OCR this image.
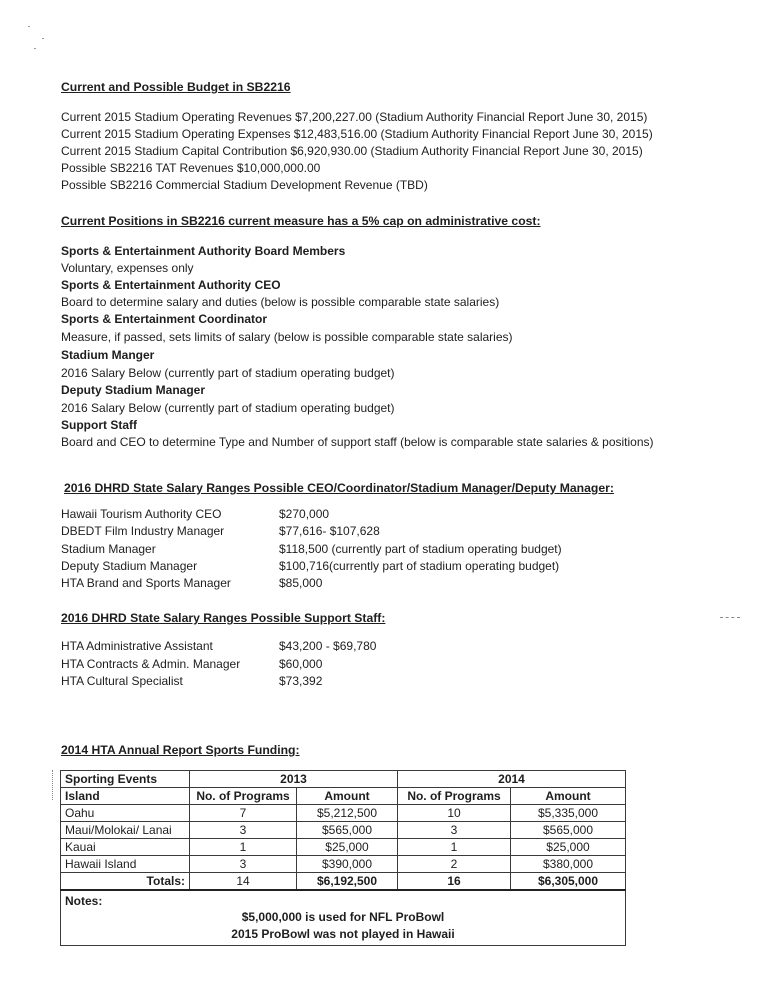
Current and Possible Budget in SB2216
Current 2015 Stadium Operating Revenues $7,200,227.00 (Stadium Authority Financial Report June 30, 2015)
Current 2015 Stadium Operating Expenses $12,483,516.00 (Stadium Authority Financial Report June 30, 2015)
Current 2015 Stadium Capital Contribution $6,920,930.00 (Stadium Authority Financial Report June 30, 2015)
Possible SB2216 TAT Revenues $10,000,000.00
Possible SB2216 Commercial Stadium Development Revenue (TBD)
Current Positions in SB2216 current measure has a 5% cap on administrative cost:
Sports & Entertainment Authority Board Members
Voluntary, expenses only
Sports & Entertainment Authority CEO
Board to determine salary and duties (below is possible comparable state salaries)
Sports & Entertainment Coordinator
Measure, if passed, sets limits of salary (below is possible comparable state salaries)
Stadium Manger
2016 Salary Below (currently part of stadium operating budget)
Deputy Stadium Manager
2016 Salary Below (currently part of stadium operating budget)
Support Staff
Board and CEO to determine Type and Number of support staff (below is comparable state salaries & positions)
2016 DHRD State Salary Ranges Possible CEO/Coordinator/Stadium Manager/Deputy Manager:
Hawaii Tourism Authority CEO	$270,000
DBEDT Film Industry Manager	$77,616- $107,628
Stadium Manager	$118,500 (currently part of stadium operating budget)
Deputy Stadium Manager	$100,716(currently part of stadium operating budget)
HTA Brand and Sports Manager	$85,000
2016 DHRD State Salary Ranges Possible Support Staff:
HTA Administrative Assistant	$43,200 - $69,780
HTA Contracts & Admin. Manager	$60,000
HTA Cultural Specialist	$73,392
2014 HTA Annual Report Sports Funding:
Sporting Events	2013		2014	
Island	No. of Programs	Amount	No. of Programs	Amount
Oahu	7	$5,212,500	10	$5,335,000
Maui/Molokai/ Lanai	3	$565,000	3	$565,000
Kauai	1	$25,000	1	$25,000
Hawaii Island	3	$390,000	2	$380,000
Totals:	14	$6,192,500	16	$6,305,000

Notes:
$5,000,000 is used for NFL ProBowl
2015 ProBowl was not played in Hawaii				
